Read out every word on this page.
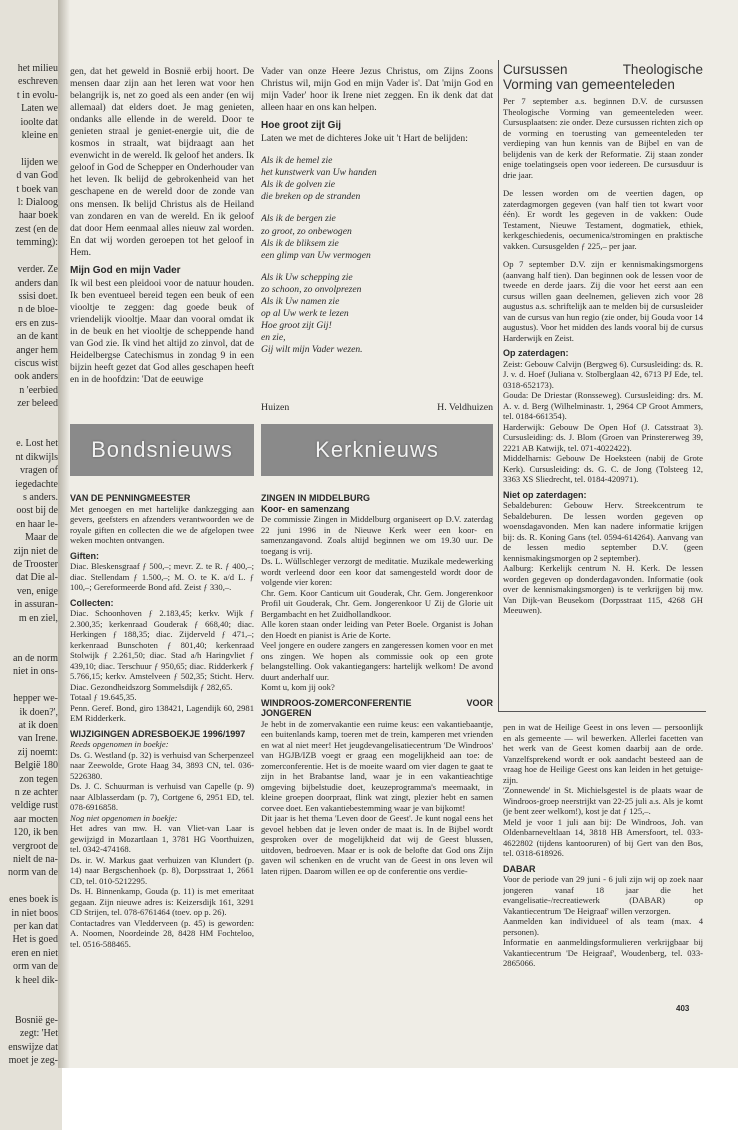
het milieu

eschreven

t in evolu-

Laten we

ioolte dat

kleine en

lijden we

d van God

t boek van

l: Dialoog

haar boek

zest (en de

temming):

verder. Ze

anders dan

ssisi doet.

n de bloe-

ers en zus-

an de kant

anger hem

ciscus wist

ook anders

n 'eerbied

zer beleed

e. Lost het

nt dikwijls

vragen of

iegedachte

s anders.

oost bij de

en haar le-

Maar de

zijn niet de

de Trooster

dat Die al-

ven, enige

in assuran-

m en ziel,

an de norm

niet in ons-

hepper we-

ik doen?',

at ik doen

van Irene.

zij noemt:

België 180

zon tegen

n ze achter

veldige rust

aar mocten

120, ik ben

vergroot de

nielt de na-

norm van de

enes boek is

in niet boos

per kan dat

Het is goed

eren en niet

orm van de

k heel dik-

Bosnië ge-

zegt: 'Het

enswijze dat

moet je zeg-

gen, dat het geweld in Bosnië erbij hoort. De mensen daar zijn aan het leren wat voor hen belangrijk is, net zo goed als een ander (en wij allemaal) dat elders doet. Je mag genieten, ondanks alle ellende in de wereld. Door te genieten straal je geniet-energie uit, die de kosmos in straalt, wat bijdraagt aan het evenwicht in de wereld. Ik geloof het anders. Ik geloof in God de Schepper en Onderhouder van het leven. Ik belijd de gebrokenheid van het geschapene en de wereld door de zonde van ons mensen. Ik belijd Christus als de Heiland van zondaren en van de wereld. En ik geloof dat door Hem eenmaal alles nieuw zal worden. En dat wij worden geroepen tot het geloof in Hem.

Mijn God en mijn Vader

Ik wil best een pleidooi voor de natuur houden. Ik ben eventueel bereid tegen een beuk of een viooltje te zeggen: dag goede beuk of vriendelijk viooltje. Maar dan vooral omdat ik in de beuk en het viooltje de scheppende hand van God zie. Ik vind het altijd zo zinvol, dat de Heidelbergse Catechismus in zondag 9 in een bijzin heeft gezet dat God alles geschapen heeft en in de hoofdzin: 'Dat de eeuwige

Vader van onze Heere Jezus Christus, om Zijns Zoons Christus wil, mijn God en mijn Vader is'. Dat 'mijn God en mijn Vader' hoor ik Irene niet zeggen. En ik denk dat dat alleen haar en ons kan helpen.

Hoe groot zijt Gij

Laten we met de dichteres Joke uit 't Hart de belijden:

Als ik de hemel zie

het kunstwerk van Uw handen

Als ik de golven zie

die breken op de stranden

Als ik de bergen zie

zo groot, zo onbewogen

Als ik de bliksem zie

een glimp van Uw vermogen

Als ik Uw schepping zie

zo schoon, zo onvolprezen

Als ik Uw namen zie

op al Uw werk te lezen

Hoe groot zijt Gij!

en zie,

Gij wilt mijn Vader wezen.

Huizen	H. Veldhuizen
Bondsnieuws	Kerknieuws
VAN DE PENNINGMEESTER

Met genoegen en met hartelijke dankzegging aan gevers, geefsters en afzenders verantwoorden we de royale giften en collecten die we de afgelopen twee weken mochten ontvangen.

Giften:

Diac. Bleskensgraaf ƒ 500,–; mevr. Z. te R. ƒ 400,–; diac. Stellendam ƒ 1.500,–; M. O. te K. a/d L. ƒ 100,–; Gereformeerde Bond afd. Zeist ƒ 330,–.

Collecten:

Diac. Schoonhoven ƒ 2.183,45; kerkv. Wijk ƒ 2.300,35; kerkenraad Gouderak ƒ 668,40; diac. Herkingen ƒ 188,35; diac. Zijderveld ƒ 471,–; kerkenraad Bunschoten ƒ 801,40; kerkenraad Stolwijk ƒ 2.261,50; diac. Stad a/h Haringvliet ƒ 439,10; diac. Terschuur ƒ 950,65; diac. Ridderkerk ƒ 5.766,15; kerkv. Amstelveen ƒ 502,35; Sticht. Herv. Diac. Gezondheidszorg Sommelsdijk ƒ 282,65.

Totaal ƒ 19.645,35.

Penn. Geref. Bond, giro 138421, Lagendijk 60, 2981 EM Ridderkerk.

WIJZIGINGEN ADRESBOEKJE 1996/1997

Reeds opgenomen in boekje:

Ds. G. Westland (p. 32) is verhuisd van Scherpenzeel naar Zeewolde, Grote Haag 34, 3893 CN, tel. 036-5226380.

Ds. J. C. Schuurman is verhuisd van Capelle (p. 9) naar Alblasserdam (p. 7), Cortgene 6, 2951 ED, tel. 078-6916858.

Nog niet opgenomen in boekje:

Het adres van mw. H. van Vliet-van Laar is gewijzigd in Mozartlaan 1, 3781 HG Voorthuizen, tel. 0342-474168.

Ds. ir. W. Markus gaat verhuizen van Klundert (p. 14) naar Bergschenhoek (p. 8), Dorpsstraat 1, 2661 CD, tel. 010-5212295.

Ds. H. Binnenkamp, Gouda (p. 11) is met emeritaat gegaan. Zijn nieuwe adres is: Keizersdijk 161, 3291 CD Strijen, tel. 078-6761464 (toev. op p. 26).

Contactadres van Vledderveen (p. 45) is geworden: A. Noomen, Noordeinde 28, 8428 HM Fochteloo, tel. 0516-588465.

ZINGEN IN MIDDELBURG
Koor- en samenzang

De commissie Zingen in Middelburg organiseert op D.V. zaterdag 22 juni 1996 in de Nieuwe Kerk weer een koor- en samenzangavond. Zoals altijd beginnen we om 19.30 uur. De toegang is vrij.

Ds. L. Wüllschleger verzorgt de meditatie. Muzikale medewerking wordt verleend door een koor dat samengesteld wordt door de volgende vier koren:

Chr. Gem. Koor Canticum uit Gouderak, Chr. Gem. Jongerenkoor Profil uit Gouderak, Chr. Gem. Jongerenkoor U Zij de Glorie uit Bergambacht en het Zuidhollandkoor.

Alle koren staan onder leiding van Peter Boele. Organist is Johan den Hoedt en pianist is Arie de Korte.

Veel jongere en oudere zangers en zangeressen komen voor en met ons zingen. We hopen als commissie ook op een grote belangstelling. Ook vakantiegangers: hartelijk welkom! De avond duurt anderhalf uur.

Komt u, kom jij ook?

WINDROOS-ZOMERCONFERENTIE VOOR JONGEREN

Je hebt in de zomervakantie een ruime keus: een vakantiebaantje, een buitenlands kamp, toeren met de trein, kamperen met vrienden en wat al niet meer! Het jeugdevangelisatiecentrum 'De Windroos' van HGJB/IZB voegt er graag een mogelijkheid aan toe: de zomerconferentie. Het is de moeite waard om vier dagen te gaat te zijn in het Brabantse land, waar je in een vakantieachtige omgeving bijbelstudie doet, keuzeprogramma's meemaakt, in kleine groepen doorpraat, flink wat zingt, plezier hebt en samen corvee doet. Een vakantiebestemming waar je van bijkomt!

Dit jaar is het thema 'Leven door de Geest'. Je kunt nogal eens het gevoel hebben dat je leven onder de maat is. In de Bijbel wordt gesproken over de mogelijkheid dat wij de Geest blussen, uitdoven, bedroeven. Maar er is ook de belofte dat God ons Zijn gaven wil schenken en de vrucht van de Geest in ons leven wil laten rijpen. Daarom willen ee op de conferentie ons verdie-

Cursussen Theologische Vorming van gemeenteleden

Per 7 september a.s. beginnen D.V. de cursussen Theologische Vorming van gemeenteleden weer. Cursusplaatsen: zie onder. Deze cursussen richten zich op de vorming en toerusting van gemeenteleden ter verdieping van hun kennis van de Bijbel en van de belijdenis van de kerk der Reformatie. Zij staan zonder enige toelatingseis open voor iedereen. De cursusduur is drie jaar.

De lessen worden om de veertien dagen, op zaterdagmorgen gegeven (van half tien tot kwart voor één). Er wordt les gegeven in de vakken: Oude Testament, Nieuwe Testament, dogmatiek, ethiek, kerkgeschiedenis, oecumenica/stromingen en praktische vakken. Cursusgelden ƒ 225,– per jaar.

Op 7 september D.V. zijn er kennismakingsmorgens (aanvang half tien). Dan beginnen ook de lessen voor de tweede en derde jaars. Zij die voor het eerst aan een cursus willen gaan deelnemen, gelieven zich voor 28 augustus a.s. schriftelijk aan te melden bij de cursusleider van de cursus van hun regio (zie onder, bij Gouda voor 14 augustus). Voor het midden des lands vooral bij de cursus Harderwijk en Zeist.

Op zaterdagen:

Zeist: Gebouw Calvijn (Bergweg 6). Cursusleiding: ds. R. J. v. d. Hoef (Juliana v. Stolberglaan 42, 6713 PJ Ede, tel. 0318-652173).

Gouda: De Driestar (Ronsseweg). Cursusleiding: drs. M. A. v. d. Berg (Wilhelminastr. 1, 2964 CP Groot Ammers, tel. 0184-661354).

Harderwijk: Gebouw De Open Hof (J. Catsstraat 3). Cursusleiding: ds. J. Blom (Groen van Prinstererweg 39, 2221 AB Katwijk, tel. 071-4022422).

Middelharnis: Gebouw De Hoeksteen (nabij de Grote Kerk). Cursusleiding: ds. G. C. de Jong (Tolsteeg 12, 3363 XS Sliedrecht, tel. 0184-420971).

Niet op zaterdagen:

Sebaldeburen: Gebouw Herv. Streekcentrum te Sebaldeburen. De lessen worden gegeven op woensdagavonden. Men kan nadere informatie krijgen bij: ds. R. Koning Gans (tel. 0594-614264). Aanvang van de lessen medio september D.V. (geen kennismakingsmorgen op 2 september).

Aalburg: Kerkelijk centrum N. H. Kerk. De lessen worden gegeven op donderdagavonden. Informatie (ook over de kennismakingsmorgen) is te verkrijgen bij mw. Van Dijk-van Beusekom (Dorpsstraat 115, 4268 GH Meeuwen).

pen in wat de Heilige Geest in ons leven — persoonlijk en als gemeente — wil bewerken. Allerlei facetten van het werk van de Geest komen daarbij aan de orde. Vanzelfsprekend wordt er ook aandacht besteed aan de vraag hoe de Heilige Geest ons kan leiden in het getuige-zijn.

'Zonnewende' in St. Michielsgestel is de plaats waar de Windroos-groep neerstrijkt van 22-25 juli a.s. Als je komt (je bent zeer welkom!), kost je dat ƒ 125,–.

Meld je voor 1 juli aan bij: De Windroos, Joh. van Oldenbarneveltlaan 14, 3818 HB Amersfoort, tel. 033-4622802 (tijdens kantooruren) of bij Gert van den Bos, tel. 0318-618926.

DABAR

Voor de periode van 29 juni - 6 juli zijn wij op zoek naar jongeren vanaf 18 jaar die het evangelisatie-/recreatiewerk (DABAR) op Vakantiecentrum 'De Heigraaf' willen verzorgen.

Aanmelden kan individueel of als team (max. 4 personen).

Informatie en aanmeldingsformulieren verkrijgbaar bij Vakantiecentrum 'De Heigraaf', Woudenberg, tel. 033-2865066.

403
